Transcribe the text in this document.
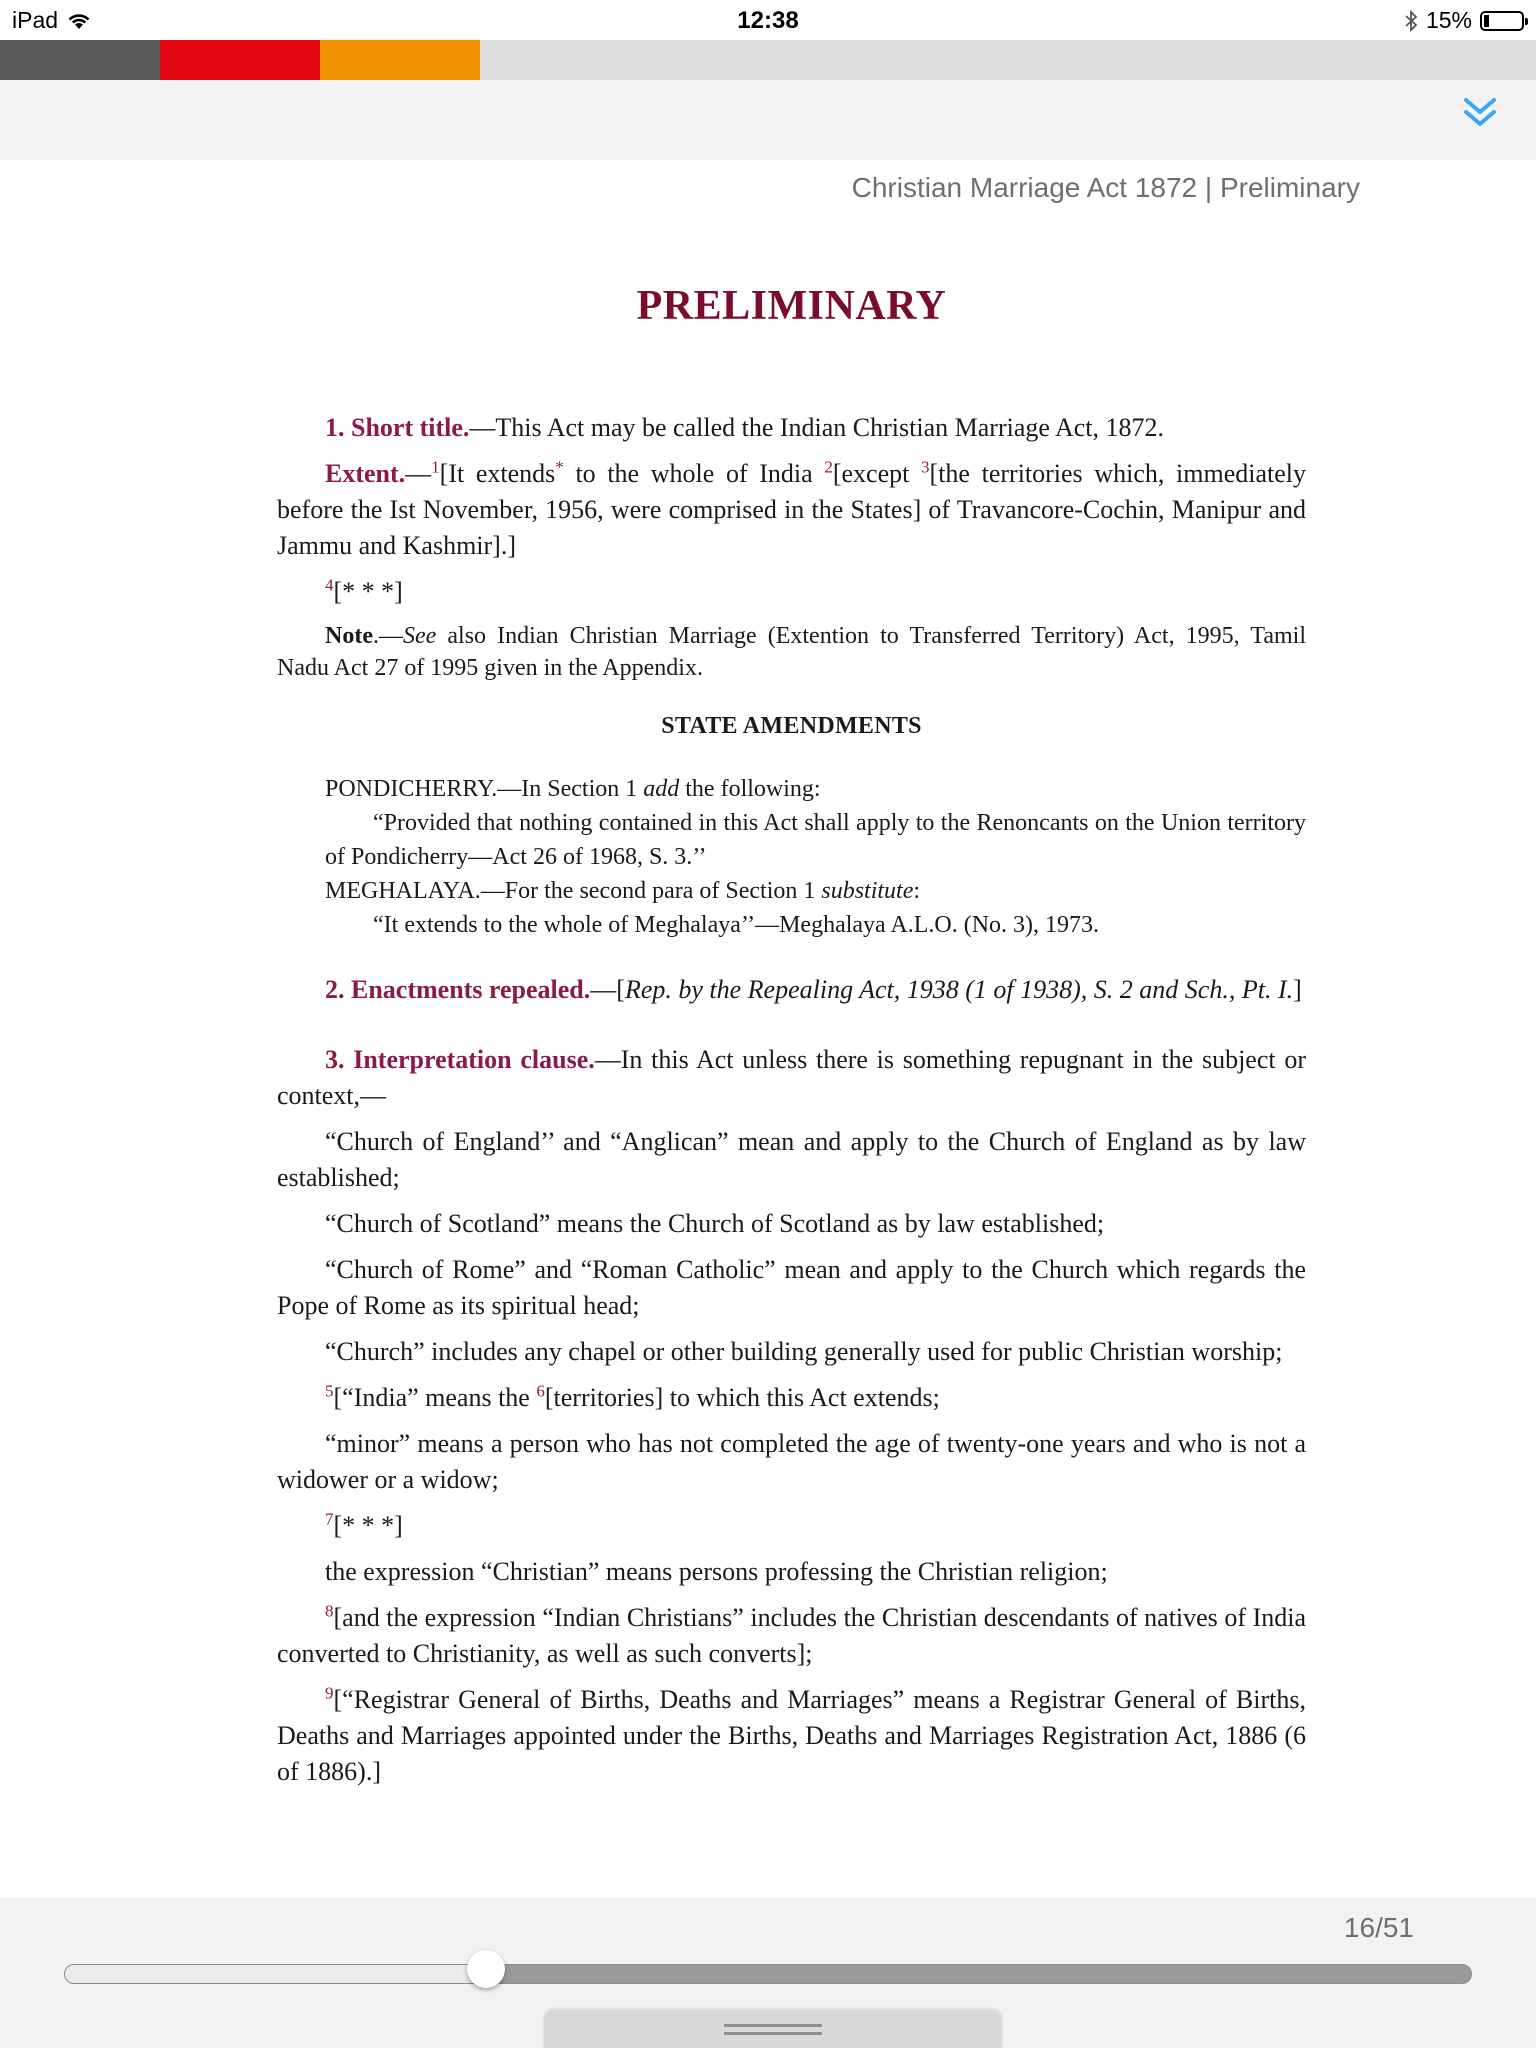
iPad	12:38	15%
Christian Marriage Act 1872 | Preliminary
PRELIMINARY

1. Short title.—This Act may be called the Indian Christian Marriage Act, 1872.

Extent.—$^1$[It extends* to the whole of India $^2$[except $^3$[the territories which, immediately before the Ist November, 1956, were comprised in the States] of Travancore-Cochin, Manipur and Jammu and Kashmir].]

$^4$[* * *]

Note.—See also Indian Christian Marriage (Extention to Transferred Territory) Act, 1995, Tamil Nadu Act 27 of 1995 given in the Appendix.

STATE AMENDMENTS

PONDICHERRY.—In Section 1 add the following:

“Provided that nothing contained in this Act shall apply to the Renoncants on the Union territory of Pondicherry—Act 26 of 1968, S. 3.’’

MEGHALAYA.—For the second para of Section 1 substitute:

“It extends to the whole of Meghalaya’’—Meghalaya A.L.O. (No. 3), 1973.

2. Enactments repealed.—[Rep. by the Repealing Act, 1938 (1 of 1938), S. 2 and Sch., Pt. I.]

3. Interpretation clause.—In this Act unless there is something repugnant in the subject or context,—

“Church of England’’ and “Anglican” mean and apply to the Church of England as by law established;

“Church of Scotland” means the Church of Scotland as by law established;

“Church of Rome” and “Roman Catholic” mean and apply to the Church which regards the Pope of Rome as its spiritual head;

“Church” includes any chapel or other building generally used for public Christian worship;

$^5$[“India” means the $^6$[territories] to which this Act extends;

“minor” means a person who has not completed the age of twenty-one years and who is not a widower or a widow;

$^7$[* * *]

the expression “Christian” means persons professing the Christian religion;

$^8$[and the expression “Indian Christians” includes the Christian descendants of natives of India converted to Christianity, as well as such converts];

$^9$[“Registrar General of Births, Deaths and Marriages” means a Registrar General of Births, Deaths and Marriages appointed under the Births, Deaths and Marriages Registration Act, 1886 (6 of 1886).]

16/51
